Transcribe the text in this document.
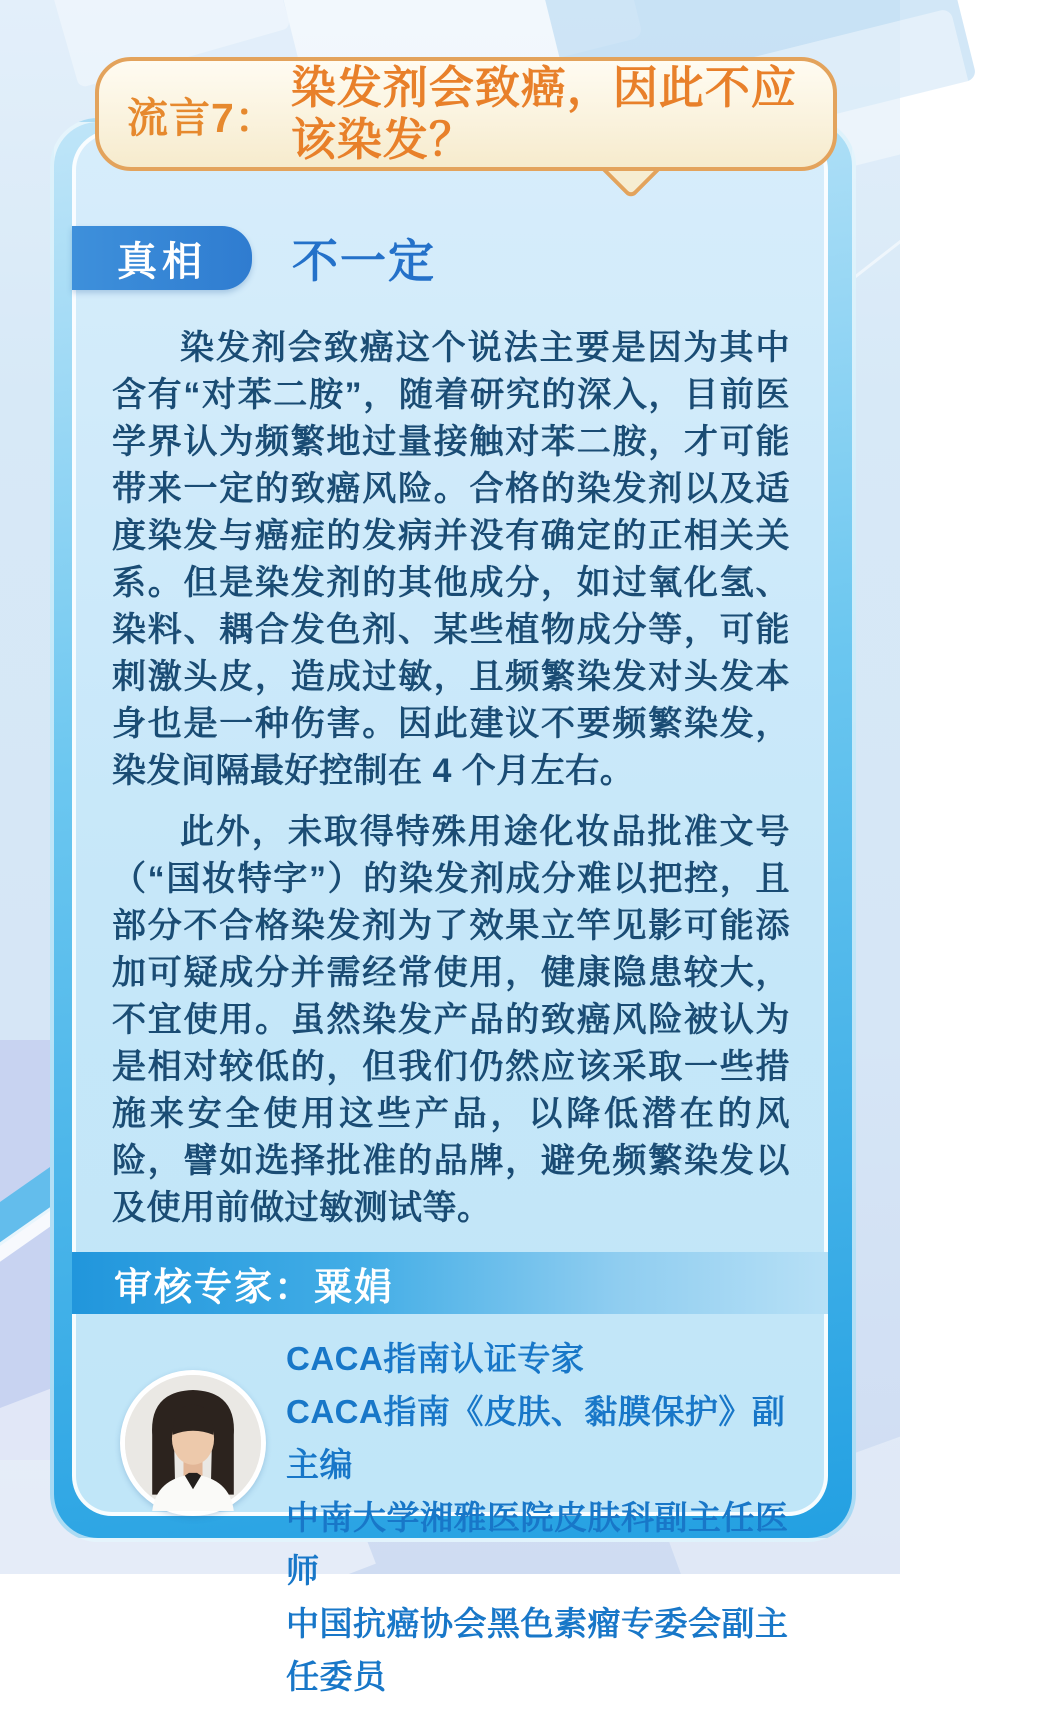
真相	不一定

染发剂会致癌这个说法主要是因为其中含有“对苯二胺”，随着研究的深入，目前医学界认为频繁地过量接触对苯二胺，才可能带来一定的致癌风险。合格的染发剂以及适度染发与癌症的发病并没有确定的正相关关系。但是染发剂的其他成分，如过氧化氢、染料、耦合发色剂、某些植物成分等，可能刺激头皮，造成过敏，且频繁染发对头发本身也是一种伤害。因此建议不要频繁染发，染发间隔最好控制在 4 个月左右。

此外，未取得特殊用途化妆品批准文号（“国妆特字”）的染发剂成分难以把控，且部分不合格染发剂为了效果立竿见影可能添加可疑成分并需经常使用，健康隐患较大，不宜使用。虽然染发产品的致癌风险被认为是相对较低的，但我们仍然应该采取一些措施来安全使用这些产品，以降低潜在的风险，譬如选择批准的品牌，避免频繁染发以及使用前做过敏测试等。

审核专家：粟娟
CACA指南认证专家
CACA指南《皮肤、黏膜保护》副主编
中南大学湘雅医院皮肤科副主任医师
中国抗癌协会黑色素瘤专委会副主任委员
流言7：
染发剂会致癌，因此不应该染发？
